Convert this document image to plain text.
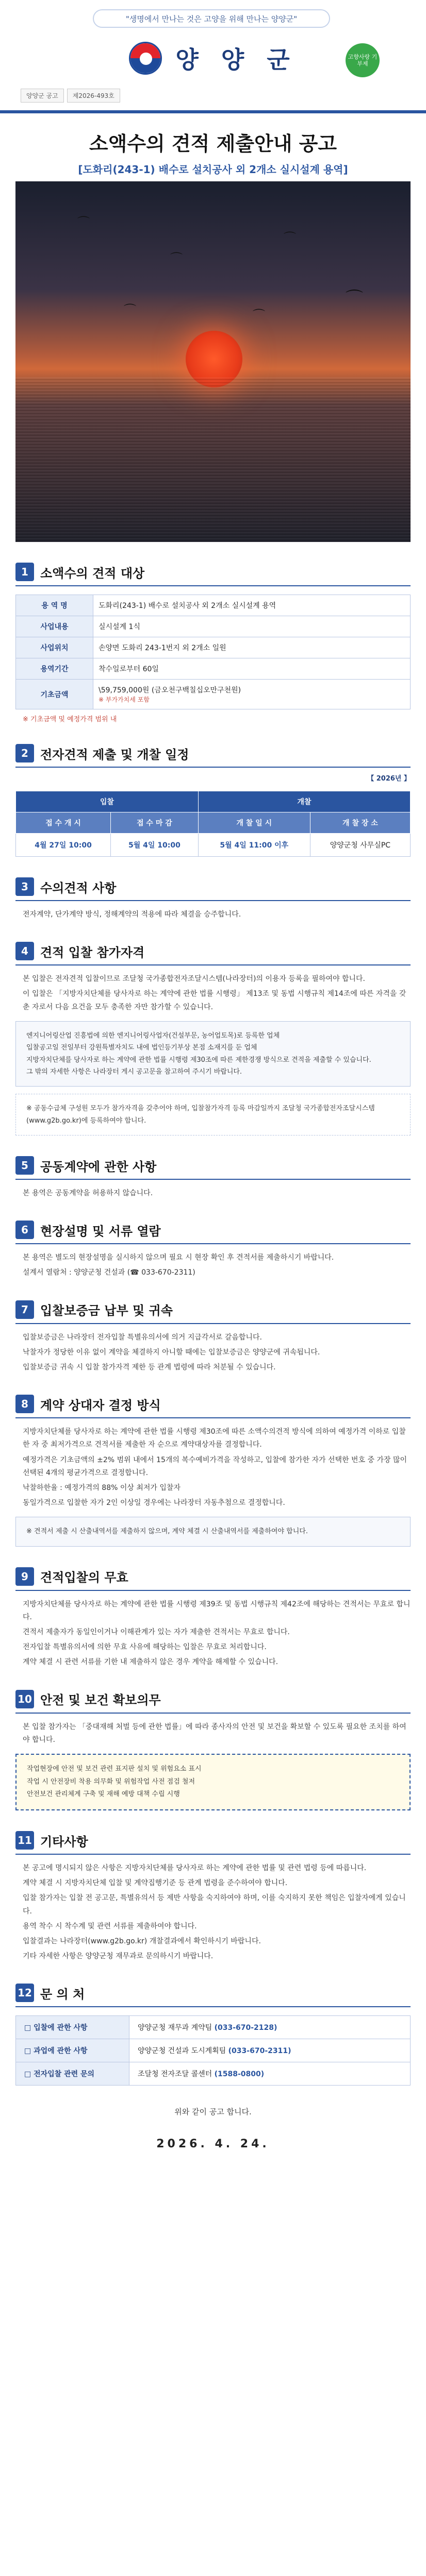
"생명에서 만나는 것은 고양을 위해 만나는 양양군"
양 양 군	고향사랑 기부제
양양군 공고	제2026-493호
소액수의 견적 제출안내 공고
[도화리(243-1) 배수로 설치공사 외 2개소 실시설계 용역]
⌒
⌒
⌒
⌒
⌒	⌒
1 소액수의 견적 대상
용 역 명	도화리(243-1) 배수로 설치공사 외 2개소 실시설계 용역
사업내용	실시설계 1식
사업위치	손양면 도화리 243-1번지 외 2개소 일원
용역기간	착수일로부터 60일
기초금액	\59,759,000원 (금오천구백칠십오만구천원)
※ 부가가치세 포함
※ 기초금액 및 예정가격 범위 내
2 전자견적 제출 및 개찰 일정
【 2026년 】
입찰		개찰	
접 수 개 시	접 수 마 감	개 찰 일 시	개 찰 장 소
4월 27일 10:00	5월 4일 10:00	5월 4일 11:00 이후	양양군청 사무실PC
3 수의견적 사항

전자계약, 단가계약 방식, 정해계약의 적용에 따라 체결을 승주합니다.

4 견적 입찰 참가자격

본 입찰은 전자견적 입찰이므로 조달청 국가종합전자조달시스템(나라장터)의 이용자 등록을 필하여야 합니다.

이 입찰은 「지방자치단체를 당사자로 하는 계약에 관한 법률 시행령」 제13조 및 동법 시행규칙 제14조에 따른 자격을 갖춘 자로서 다음 요건을 모두 충족한 자만 참가할 수 있습니다.

엔지니어링산업 진흥법에 의한 엔지니어링사업자(건설부문, 농어업토목)로 등록한 업체

입찰공고일 전일부터 강원특별자치도 내에 법인등기부상 본점 소재지를 둔 업체

지방자치단체를 당사자로 하는 계약에 관한 법률 시행령 제30조에 따른 제한경쟁 방식으로 견적을 제출할 수 있습니다.

그 밖의 자세한 사항은 나라장터 게시 공고문을 참고하여 주시기 바랍니다.

※ 공동수급체 구성원 모두가 참가자격을 갖추어야 하며, 입찰참가자격 등록 마감일까지 조달청 국가종합전자조달시스템 (www.g2b.go.kr)에 등록하여야 합니다.
5 공동계약에 관한 사항

본 용역은 공동계약을 허용하지 않습니다.

6 현장설명 및 서류 열람

본 용역은 별도의 현장설명을 실시하지 않으며 필요 시 현장 확인 후 견적서를 제출하시기 바랍니다.

설계서 열람처 : 양양군청 건설과 (☎ 033-670-2311)

7 입찰보증금 납부 및 귀속

입찰보증금은 나라장터 전자입찰 특별유의서에 의거 지급각서로 갈음합니다.

낙찰자가 정당한 이유 없이 계약을 체결하지 아니할 때에는 입찰보증금은 양양군에 귀속됩니다.

입찰보증금 귀속 시 입찰 참가자격 제한 등 관계 법령에 따라 처분될 수 있습니다.

8 계약 상대자 결정 방식

지방자치단체를 당사자로 하는 계약에 관한 법률 시행령 제30조에 따른 소액수의견적 방식에 의하여 예정가격 이하로 입찰한 자 중 최저가격으로 견적서를 제출한 자 순으로 계약대상자를 결정합니다.

예정가격은 기초금액의 ±2% 범위 내에서 15개의 복수예비가격을 작성하고, 입찰에 참가한 자가 선택한 번호 중 가장 많이 선택된 4개의 평균가격으로 결정합니다.

낙찰하한율 : 예정가격의 88% 이상 최저가 입찰자

동일가격으로 입찰한 자가 2인 이상일 경우에는 나라장터 자동추첨으로 결정합니다.

※ 견적서 제출 시 산출내역서를 제출하지 않으며, 계약 체결 시 산출내역서를 제출하여야 합니다.
9 견적입찰의 무효

지방자치단체를 당사자로 하는 계약에 관한 법률 시행령 제39조 및 동법 시행규칙 제42조에 해당하는 견적서는 무효로 합니다.

견적서 제출자가 동일인이거나 이해관계가 있는 자가 제출한 견적서는 무효로 합니다.

전자입찰 특별유의서에 의한 무효 사유에 해당하는 입찰은 무효로 처리합니다.

계약 체결 시 관련 서류를 기한 내 제출하지 않은 경우 계약을 해제할 수 있습니다.

10 안전 및 보건 확보의무

본 입찰 참가자는 「중대재해 처벌 등에 관한 법률」에 따라 종사자의 안전 및 보건을 확보할 수 있도록 필요한 조치를 하여야 합니다.

작업현장에 안전 및 보건 관련 표지판 설치 및 위험요소 표시

작업 시 안전장비 착용 의무화 및 위험작업 사전 점검 철저

안전보건 관리체계 구축 및 재해 예방 대책 수립 시행

11 기타사항

본 공고에 명시되지 않은 사항은 지방자치단체를 당사자로 하는 계약에 관한 법률 및 관련 법령 등에 따릅니다.

계약 체결 시 지방자치단체 입찰 및 계약집행기준 등 관계 법령을 준수하여야 합니다.

입찰 참가자는 입찰 전 공고문, 특별유의서 등 제반 사항을 숙지하여야 하며, 이를 숙지하지 못한 책임은 입찰자에게 있습니다.

용역 착수 시 착수계 및 관련 서류를 제출하여야 합니다.

입찰결과는 나라장터(www.g2b.go.kr) 개찰결과에서 확인하시기 바랍니다.

기타 자세한 사항은 양양군청 재무과로 문의하시기 바랍니다.

12 문 의 처
□ 입찰에 관한 사항	양양군청 재무과 계약팀 (033-670-2128)
□ 과업에 관한 사항	양양군청 건설과 도시계획팀 (033-670-2311)
□ 전자입찰 관련 문의	조달청 전자조달 콜센터 (1588-0800)
위와 같이 공고 합니다.
2026. 4. 24.
